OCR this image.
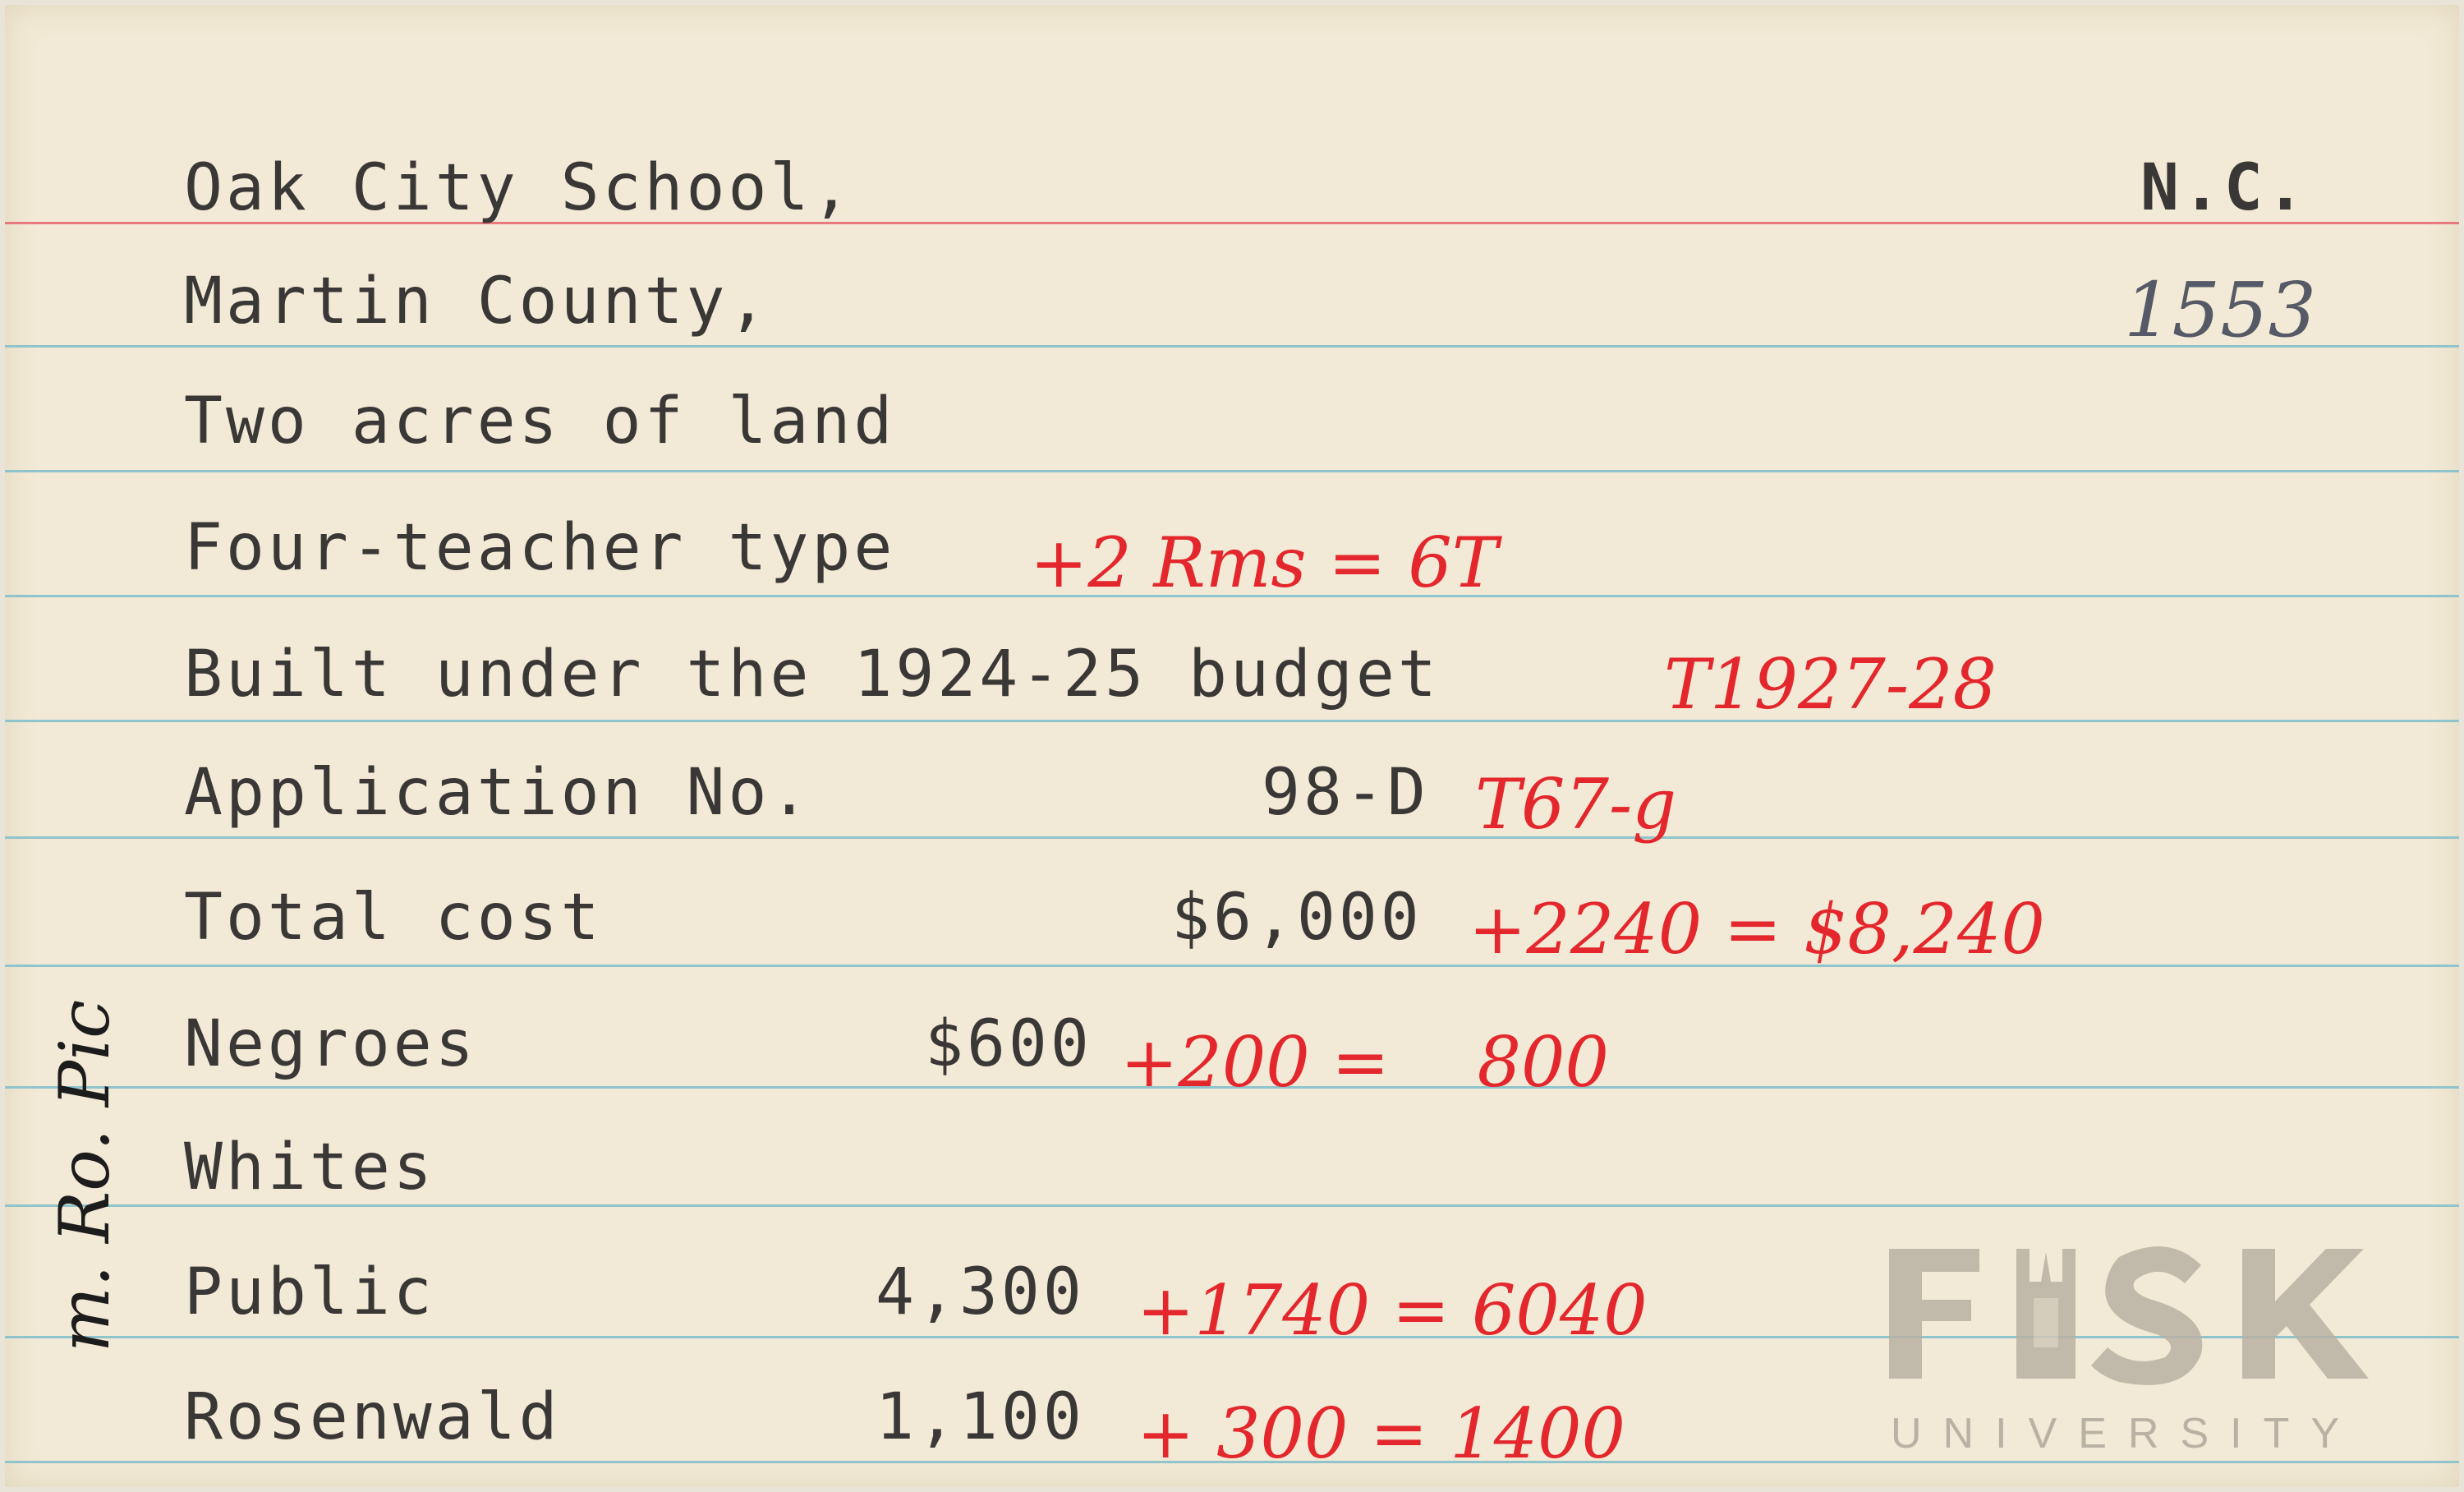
Oak City School,	N.C.
Martin County,	1553
Two acres of land
Four-teacher type +2 Rms = 6T
Built under the 1924-25 budget	T1927-28
Application No.	98-D T67-g
Total cost	$6,000 +2240 = $8,240
Negroes	$600 +200 =    800
Whites
Public	4,300 +1740 = 6040
Rosenwald	1,100 + 300 = 1400
m. Ro. Pic
UNIVERSITY
